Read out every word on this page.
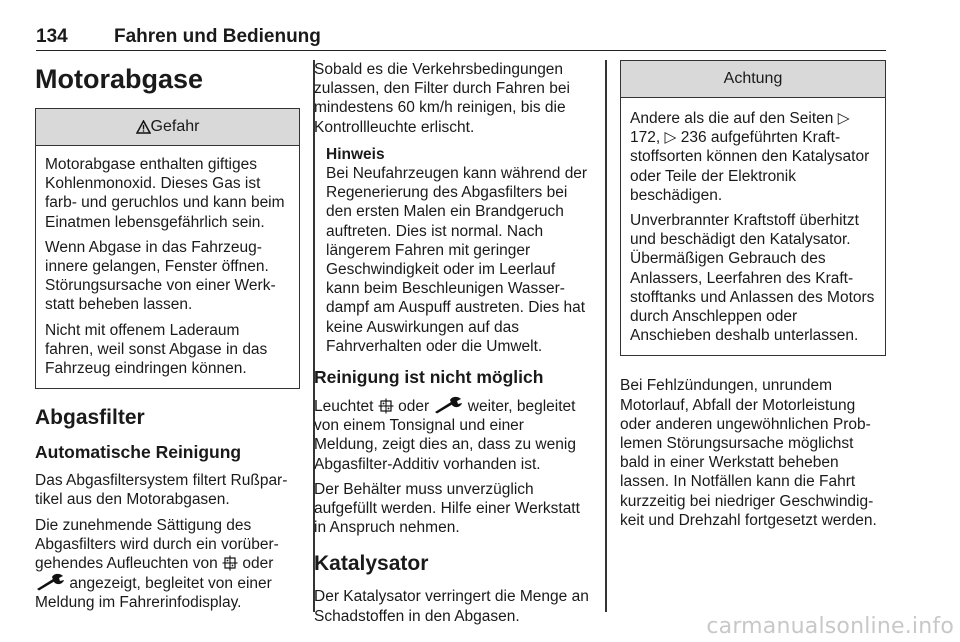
134	Fahren und Bedienung
Motorabgase
Gefahr

Motorabgase enthalten giftiges Kohlenmonoxid. Dieses Gas ist farb- und geruchlos und kann beim Einatmen lebensgefährlich sein.

Wenn Abgase in das Fahrzeuginnere gelangen, Fenster öffnen. Störungsursache von einer Werkstatt beheben lassen.

Nicht mit offenem Laderaum fahren, weil sonst Abgase in das Fahrzeug eindringen können.

Abgasfilter
Automatische Reinigung

Das Abgasfiltersystem filtert Rußpartikel aus den Motorabgasen.

Die zunehmende Sättigung des Abgasfilters wird durch ein vorübergehendes Aufleuchten von oder  angezeigt, begleitet von einer Meldung im Fahrerinfodisplay.

Sobald es die Verkehrsbedingungen zulassen, den Filter durch Fahren bei mindestens 60 km/h reinigen, bis die Kontrollleuchte erlischt.

Hinweis
Bei Neufahrzeugen kann während der Regenerierung des Abgasfilters bei den ersten Malen ein Brandgeruch auftreten. Dies ist normal. Nach längerem Fahren mit geringer Geschwindigkeit oder im Leerlauf kann beim Beschleunigen Wasserdampf am Auspuff austreten. Dies hat keine Auswirkungen auf das Fahrverhalten oder die Umwelt.
Reinigung ist nicht möglich

Leuchtet oder weiter, begleitet von einem Tonsignal und einer Meldung, zeigt dies an, dass zu wenig Abgasfilter-Additiv vorhanden ist.

Der Behälter muss unverzüglich aufgefüllt werden. Hilfe einer Werkstatt in Anspruch nehmen.

Katalysator

Der Katalysator verringert die Menge an Schadstoffen in den Abgasen.

Achtung

Andere als die auf den Seiten ▷ 172, ▷ 236 aufgeführten Kraftstoffsorten können den Katalysator oder Teile der Elektronik beschädigen.

Unverbrannter Kraftstoff überhitzt und beschädigt den Katalysator. Übermäßigen Gebrauch des Anlassers, Leerfahren des Kraftstofftanks und Anlassen des Motors durch Anschleppen oder Anschieben deshalb unterlassen.

Bei Fehlzündungen, unrundem Motorlauf, Abfall der Motorleistung oder anderen ungewöhnlichen Problemen Störungsursache möglichst bald in einer Werkstatt beheben lassen. In Notfällen kann die Fahrt kurzzeitig bei niedriger Geschwindigkeit und Drehzahl fortgesetzt werden.

carmanualsonline.info
